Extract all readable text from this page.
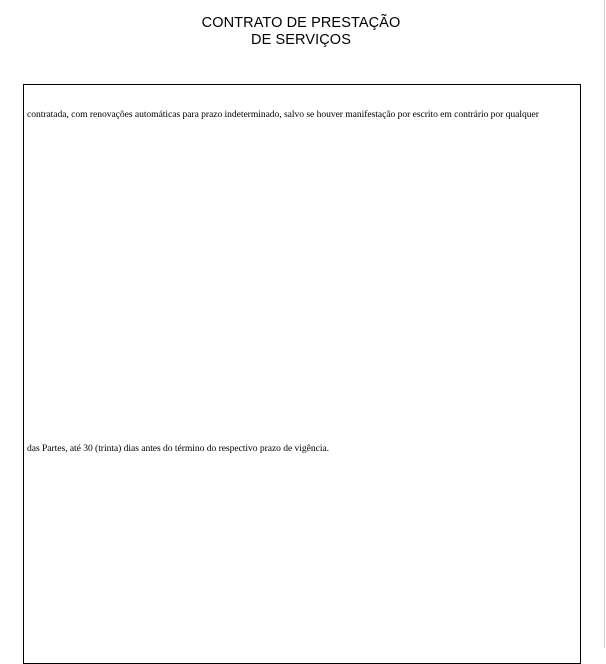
CONTRATO DE PRESTAÇÃO
DE SERVIÇOS
contratada, com renovações automáticas para prazo indeterminado, salvo se houver manifestação por escrito em contrário por qualquer
das Partes, até 30 (trinta) dias antes do término do respectivo prazo de vigência.
